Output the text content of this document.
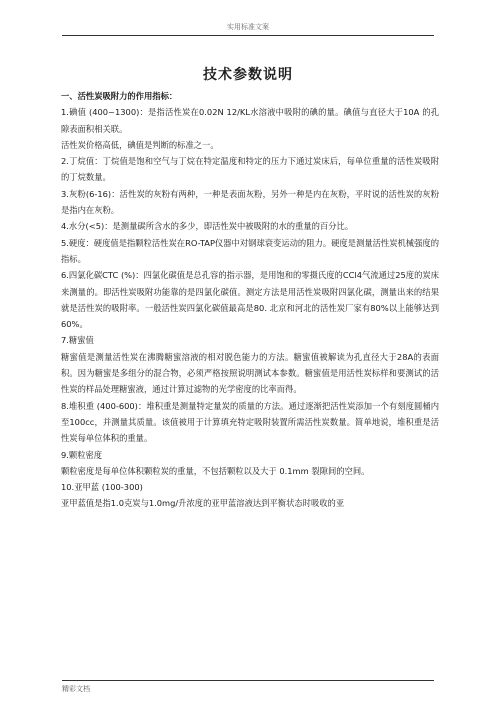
实用标准文案
技术参数说明

一、活性炭吸附力的作用指标：

1.碘值 (400~1300)：是指活性炭在0.02N 12/KL水溶液中吸附的碘的量。碘值与直径大于10A 的孔隙表面积相关联。

活性炭价格高低，碘值是判断的标准之一。

2.丁烷值：丁烷值是饱和空气与丁烷在特定温度和特定的压力下通过炭床后，每单位重量的活性炭吸附的丁烷数量。

3.灰粉(6-16)：活性炭的灰粉有两种，一种是表面灰粉，另外一种是内在灰粉，平时说的活性炭的灰粉是指内在灰粉。

4.水分(<5)：是测量碳所含水的多少，即活性炭中被吸附的水的重量的百分比。

5.硬度：硬度值是指颗粒活性炭在RO-TAP仪器中对钢球衰变运动的阻力。硬度是测量活性炭机械强度的指标。

6.四氯化碳CTC (%)：四氯化碳值是总孔容的指示器，是用饱和的零摄氏度的CCl4气流通过25度的炭床来测量的。即活性炭吸附功能靠的是四氯化碳值。测定方法是用活性炭吸附四氯化碳，测量出来的结果就是活性炭的吸附率。一般活性炭四氯化碳值最高是80. 北京和河北的活性炭厂家有80%以上能够达到60%。

7.糖蜜值

糖蜜值是测量活性炭在沸腾糖蜜溶液的相对脱色能力的方法。糖蜜值被解读为孔直径大于28A的表面积。因为糖蜜是多组分的混合物，必须严格按照说明测试本参数。糖蜜值是用活性炭标样和要测试的活性炭的样品处理糖蜜液，通过计算过滤物的光学密度的比率而得。

8.堆积重 (400-600)：堆积重是测量特定量炭的质量的方法。通过逐渐把活性炭添加一个有刻度圆桶内至100cc，并测量其质量。该值被用于计算填充特定吸附装置所需活性炭数量。简单地说，堆积重是活性炭每单位体积的重量。

9.颗粒密度

颗粒密度是每单位体积颗粒炭的重量，不包括颗粒以及大于 0.1mm 裂隙间的空间。

10.亚甲蓝 (100-300)

亚甲蓝值是指1.0克炭与1.0mg/升浓度的亚甲蓝溶液达到平衡状态时吸收的亚

精彩文档
